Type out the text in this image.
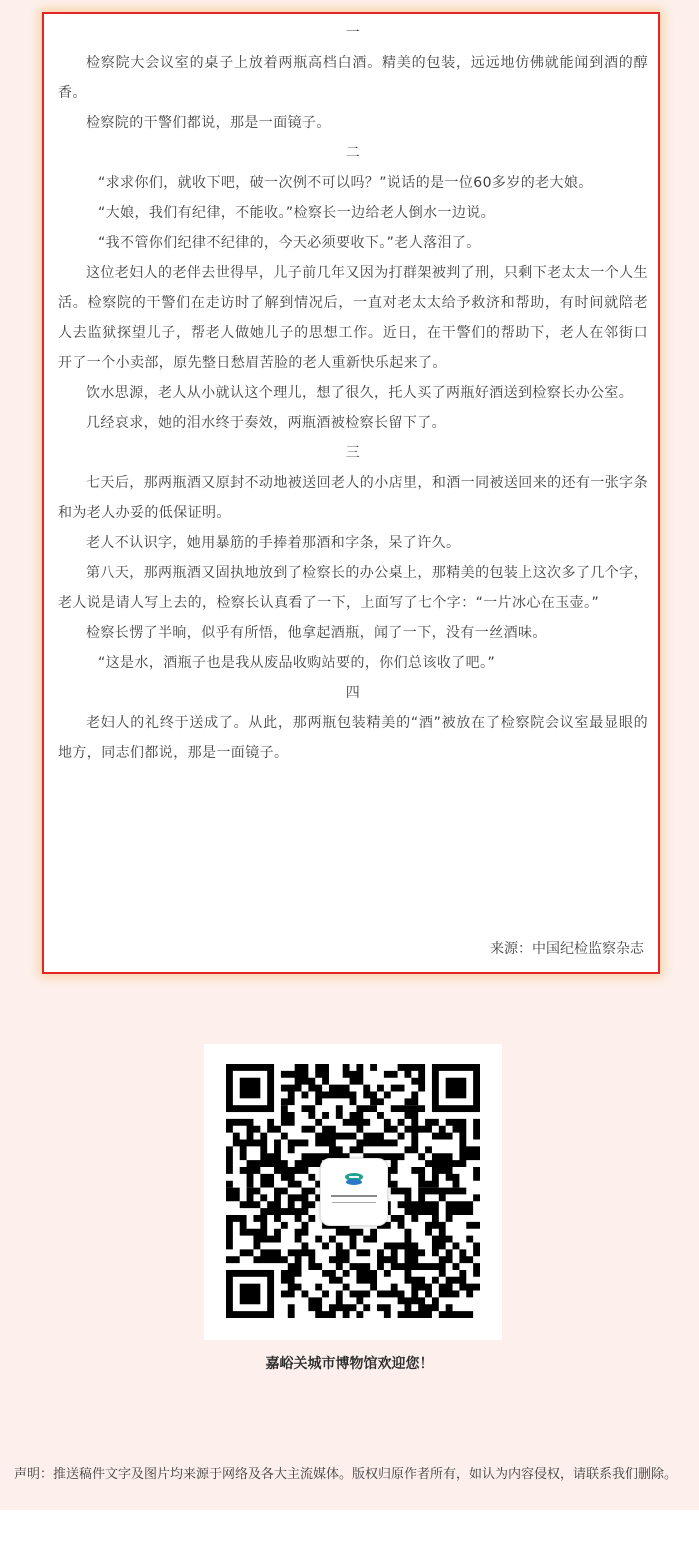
一

检察院大会议室的桌子上放着两瓶高档白酒。精美的包装，远远地仿佛就能闻到酒的醇香。

检察院的干警们都说，那是一面镜子。

二

“求求你们，就收下吧，破一次例不可以吗？”说话的是一位60多岁的老大娘。

“大娘，我们有纪律，不能收。”检察长一边给老人倒水一边说。

“我不管你们纪律不纪律的，今天必须要收下。”老人落泪了。

这位老妇人的老伴去世得早，儿子前几年又因为打群架被判了刑，只剩下老太太一个人生活。检察院的干警们在走访时了解到情况后，一直对老太太给予救济和帮助，有时间就陪老人去监狱探望儿子，帮老人做她儿子的思想工作。近日，在干警们的帮助下，老人在邻街口开了一个小卖部，原先整日愁眉苦脸的老人重新快乐起来了。

饮水思源，老人从小就认这个理儿，想了很久，托人买了两瓶好酒送到检察长办公室。

几经哀求，她的泪水终于奏效，两瓶酒被检察长留下了。

三

七天后，那两瓶酒又原封不动地被送回老人的小店里，和酒一同被送回来的还有一张字条和为老人办妥的低保证明。

老人不认识字，她用暴筋的手捧着那酒和字条，呆了许久。

第八天，那两瓶酒又固执地放到了检察长的办公桌上，那精美的包装上这次多了几个字，老人说是请人写上去的，检察长认真看了一下，上面写了七个字：“一片冰心在玉壶。”

检察长愣了半晌，似乎有所悟，他拿起酒瓶，闻了一下，没有一丝酒味。

“这是水，酒瓶子也是我从废品收购站要的，你们总该收了吧。”

四

老妇人的礼终于送成了。从此，那两瓶包装精美的“酒”被放在了检察院会议室最显眼的地方，同志们都说，那是一面镜子。

来源：中国纪检监察杂志
嘉峪关城市博物馆欢迎您！

声明：推送稿件文字及图片均来源于网络及各大主流媒体。版权归原作者所有，如认为内容侵权，请联系我们删除。
